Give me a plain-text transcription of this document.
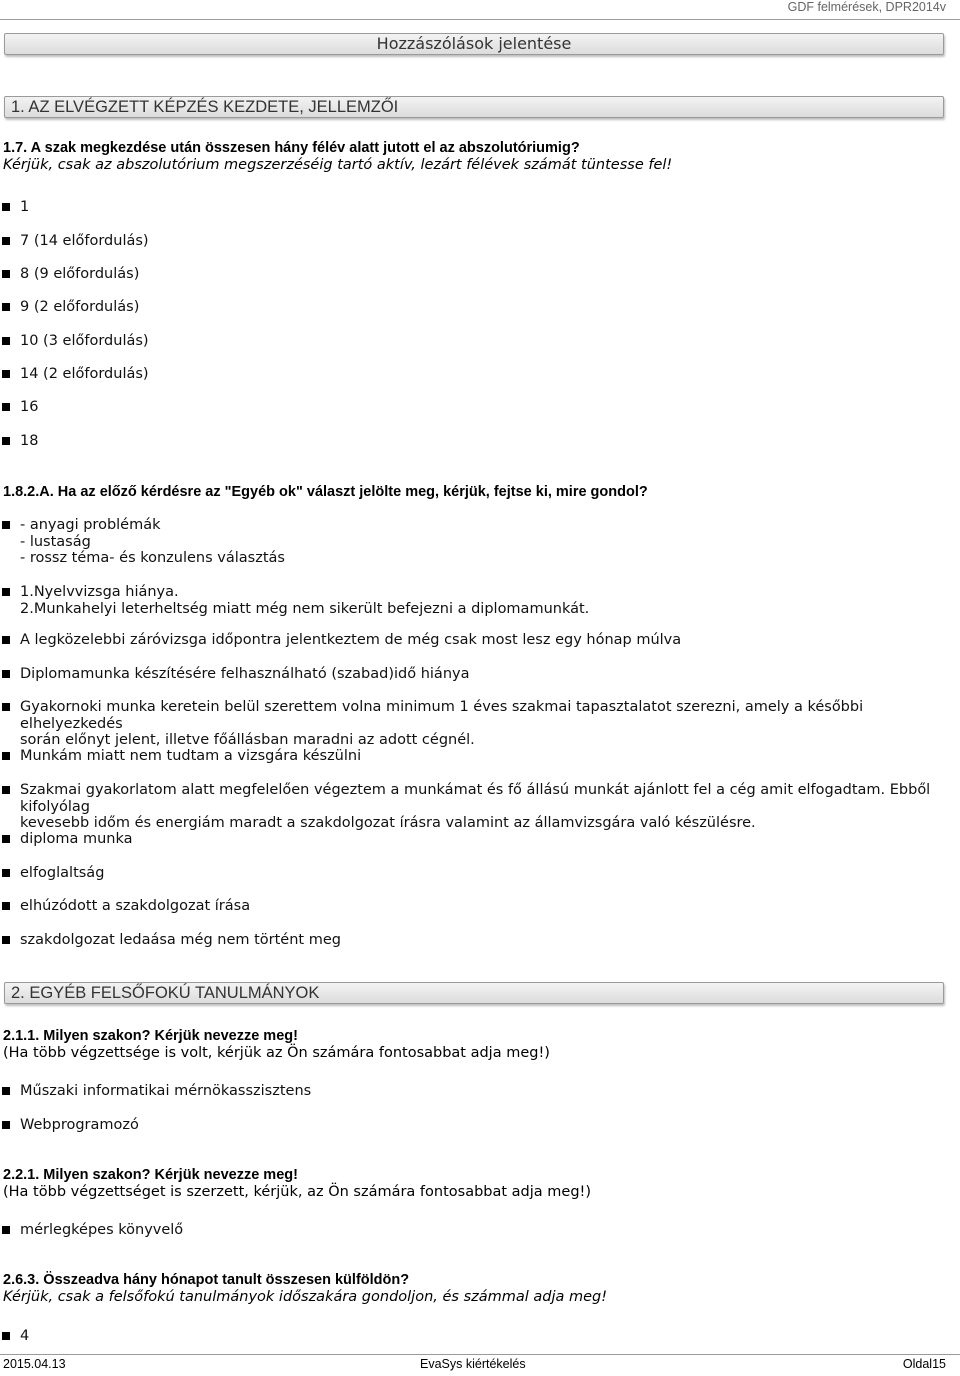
GDF felmérések, DPR2014v
Hozzászólások jelentése
1. AZ ELVÉGZETT KÉPZÉS KEZDETE, JELLEMZŐI
1.7. A szak megkezdése után összesen hány félév alatt jutott el az abszolutóriumig?
Kérjük, csak az abszolutórium megszerzéséig tartó aktív, lezárt félévek számát tüntesse fel!
1
7 (14 előfordulás)
8 (9 előfordulás)
9 (2 előfordulás)
10 (3 előfordulás)
14 (2 előfordulás)
16
18
1.8.2.A. Ha az előző kérdésre az "Egyéb ok" választ jelölte meg, kérjük, fejtse ki, mire gondol?
- anyagi problémák
- lustaság
- rossz téma- és konzulens választás
1.Nyelvvizsga hiánya.
2.Munkahelyi leterheltség miatt még nem sikerült befejezni a diplomamunkát.
A legközelebbi záróvizsga időpontra jelentkeztem de még csak most lesz egy hónap múlva
Diplomamunka készítésére felhasználható (szabad)idő hiánya
Gyakornoki munka keretein belül szerettem volna minimum 1 éves szakmai tapasztalatot szerezni, amely a későbbi elhelyezkedés
során előnyt jelent, illetve főállásban maradni az adott cégnél.
Munkám miatt nem tudtam a vizsgára készülni
Szakmai gyakorlatom alatt megfelelően végeztem a munkámat és fő állású munkát ajánlott fel a cég amit elfogadtam. Ebből kifolyólag
kevesebb időm és energiám maradt a szakdolgozat írásra valamint az államvizsgára való készülésre.
diploma munka
elfoglaltság
elhúzódott a szakdolgozat írása
szakdolgozat ledaása még nem történt meg
2. EGYÉB FELSŐFOKÚ TANULMÁNYOK
2.1.1. Milyen szakon? Kérjük nevezze meg!
(Ha több végzettsége is volt, kérjük az Ön számára fontosabbat adja meg!)
Műszaki informatikai mérnökasszisztens
Webprogramozó
2.2.1. Milyen szakon? Kérjük nevezze meg!
(Ha több végzettséget is szerzett, kérjük, az Ön számára fontosabbat adja meg!)
mérlegképes könyvelő
2.6.3. Összeadva hány hónapot tanult összesen külföldön?
Kérjük, csak a felsőfokú tanulmányok időszakára gondoljon, és számmal adja meg!
4
2015.04.13	EvaSys kiértékelés	Oldal15
